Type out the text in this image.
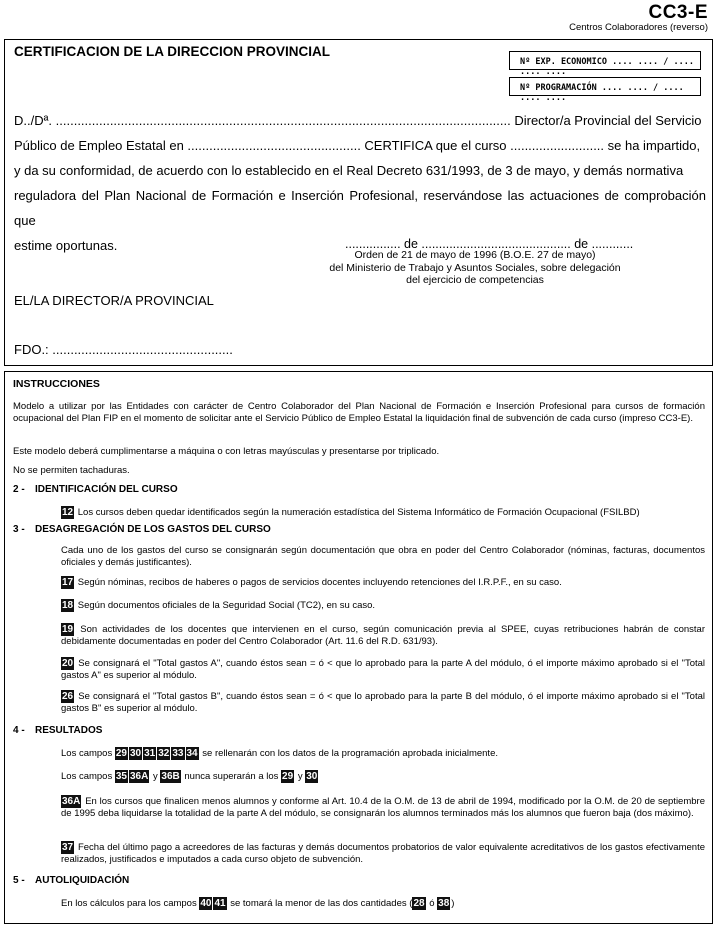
CC3-E
Centros Colaboradores (reverso)
CERTIFICACION DE LA DIRECCION PROVINCIAL
Nº EXP. ECONOMICO .... .... / .... .... ....
Nº PROGRAMACIÓN .... .... / .... .... ....

D../Dª. .............................................................................................................................. Director/a Provincial del Servicio

Público de Empleo Estatal en ................................................ CERTIFICA que el curso .......................... se ha impartido,

y da su conformidad, de acuerdo con lo establecido en el Real Decreto 631/1993, de 3 de mayo, y demás normativa

reguladora del Plan Nacional de Formación e Inserción Profesional, reservándose las actuaciones de comprobación que

estime oportunas.	................ de ........................................... de ............
Orden de 21 de mayo de 1996 (B.O.E. 27 de mayo)
del Ministerio de Trabajo y Asuntos Sociales, sobre delegación
del ejercicio de competencias
EL/LA DIRECTOR/A PROVINCIAL
FDO.: ..................................................
INSTRUCCIONES
Modelo a utilizar por las Entidades con carácter de Centro Colaborador del Plan Nacional de Formación e Inserción Profesional para cursos de formación ocupacional del Plan FIP en el momento de solicitar ante el Servicio Público de Empleo Estatal la liquidación final de subvención de cada curso (impreso CC3-E).
Este modelo deberá cumplimentarse a máquina o con letras mayúsculas y presentarse por triplicado.
No se permiten tachaduras.
2 - IDENTIFICACIÓN DEL CURSO
12 Los cursos deben quedar identificados según la numeración estadística del Sistema Informático de Formación Ocupacional (FSILBD)
3 - DESAGREGACIÓN DE LOS GASTOS DEL CURSO
Cada uno de los gastos del curso se consignarán según documentación que obra en poder del Centro Colaborador (nóminas, facturas, documentos oficiales y demás justificantes).
17 Según nóminas, recibos de haberes o pagos de servicios docentes incluyendo retenciones del I.R.P.F., en su caso.
18 Según documentos oficiales de la Seguridad Social (TC2), en su caso.
19 Son actividades de los docentes que intervienen en el curso, según comunicación previa al SPEE, cuyas retribuciones habrán de constar debidamente documentadas en poder del Centro Colaborador (Art. 11.6 del R.D. 631/93).
20 Se consignará el "Total gastos A", cuando éstos sean = ó < que lo aprobado para la parte A del módulo, ó el importe máximo aprobado si el "Total gastos A" es superior al módulo.
26 Se consignará el "Total gastos B", cuando éstos sean = ó < que lo aprobado para la parte B del módulo, ó el importe máximo aprobado si el "Total gastos B" es superior al módulo.
4 - RESULTADOS
Los campos 29 30 31 32 33 34 se rellenarán con los datos de la programación aprobada inicialmente.
Los campos 35 36A y 36B nunca superarán a los 29 y 30
36A En los cursos que finalicen menos alumnos y conforme al Art. 10.4 de la O.M. de 13 de abril de 1994, modificado por la O.M. de 20 de septiembre de 1995 deba liquidarse la totalidad de la parte A del módulo, se consignarán los alumnos terminados más los alumnos que fueron baja (dos máximo).
37 Fecha del último pago a acreedores de las facturas y demás documentos probatorios de valor equivalente acreditativos de los gastos efectivamente realizados, justificados e imputados a cada curso objeto de subvención.
5 - AUTOLIQUIDACIÓN
En los cálculos para los campos 40 41 se tomará la menor de las dos cantidades (28 ó 38 )
